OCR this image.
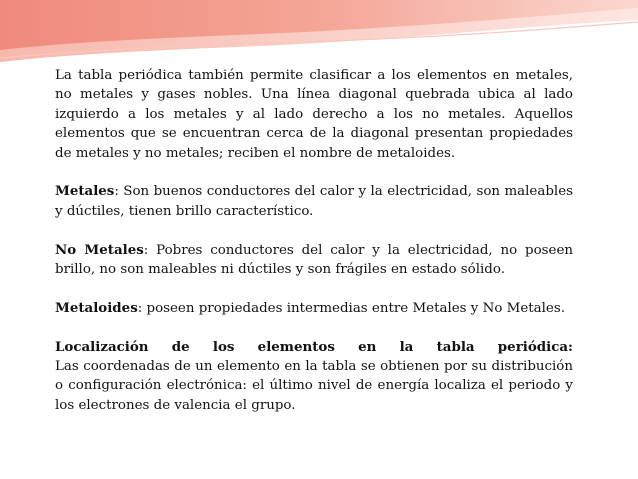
La tabla periódica también permite clasificar a los elementos en metales, no metales y gases nobles. Una línea diagonal quebrada ubica al lado izquierdo a los metales y al lado derecho a los no metales. Aquellos elementos que se encuentran cerca de la diagonal presentan propiedades de metales y no metales; reciben el nombre de metaloides.

Metales: Son buenos conductores del calor y la electricidad, son maleables y dúctiles, tienen brillo característico.

No Metales: Pobres conductores del calor y la electricidad, no poseen brillo, no son maleables ni dúctiles y son frágiles en estado sólido.

Metaloides: poseen propiedades intermedias entre Metales y No Metales.

Localización de los elementos en la tabla periódica:
Las coordenadas de un elemento en la tabla se obtienen por su distribución o configuración electrónica: el último nivel de energía localiza el periodo y los electrones de valencia el grupo.
